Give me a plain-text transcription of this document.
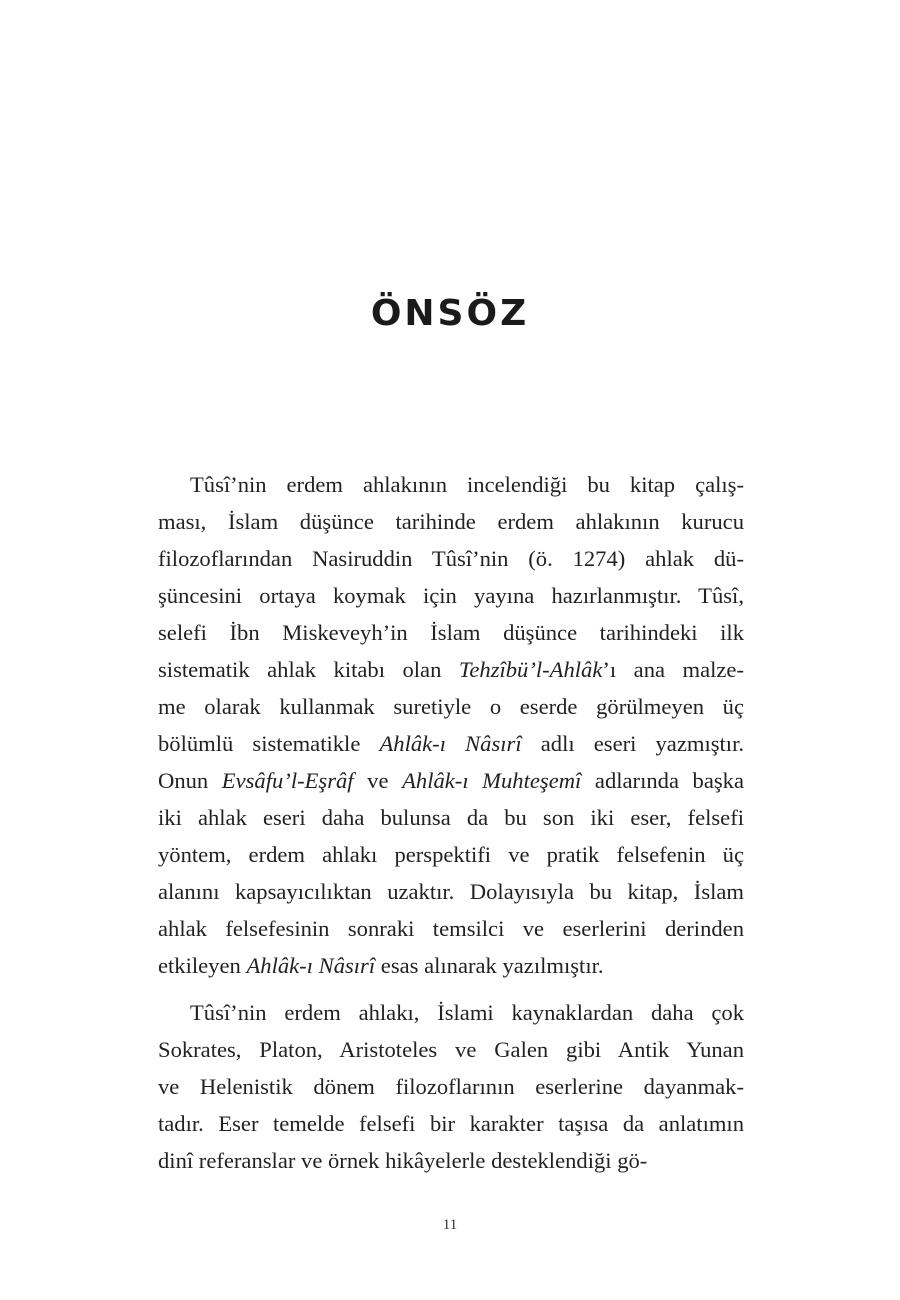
ÖNSÖZ
Tûsî’nin erdem ahlakının incelendiği bu kitap çalış-
ması, İslam düşünce tarihinde erdem ahlakının kurucu
filozoflarından Nasiruddin Tûsî’nin (ö. 1274) ahlak dü-
şüncesini ortaya koymak için yayına hazırlanmıştır. Tûsî,
selefi İbn Miskeveyh’in İslam düşünce tarihindeki ilk
sistematik ahlak kitabı olan Tehzîbü’l-Ahlâk’ı ana malze-
me olarak kullanmak suretiyle o eserde görülmeyen üç
bölümlü sistematikle Ahlâk-ı Nâsırî adlı eseri yazmıştır.
Onun Evsâfu’l-Eşrâf ve Ahlâk-ı Muhteşemî adlarında başka
iki ahlak eseri daha bulunsa da bu son iki eser, felsefi
yöntem, erdem ahlakı perspektifi ve pratik felsefenin üç
alanını kapsayıcılıktan uzaktır. Dolayısıyla bu kitap, İslam
ahlak felsefesinin sonraki temsilci ve eserlerini derinden
etkileyen Ahlâk-ı Nâsırî esas alınarak yazılmıştır.
Tûsî’nin erdem ahlakı, İslami kaynaklardan daha çok
Sokrates, Platon, Aristoteles ve Galen gibi Antik Yunan
ve Helenistik dönem filozoflarının eserlerine dayanmak-
tadır. Eser temelde felsefi bir karakter taşısa da anlatımın
dinî referanslar ve örnek hikâyelerle desteklendiği gö-
11
